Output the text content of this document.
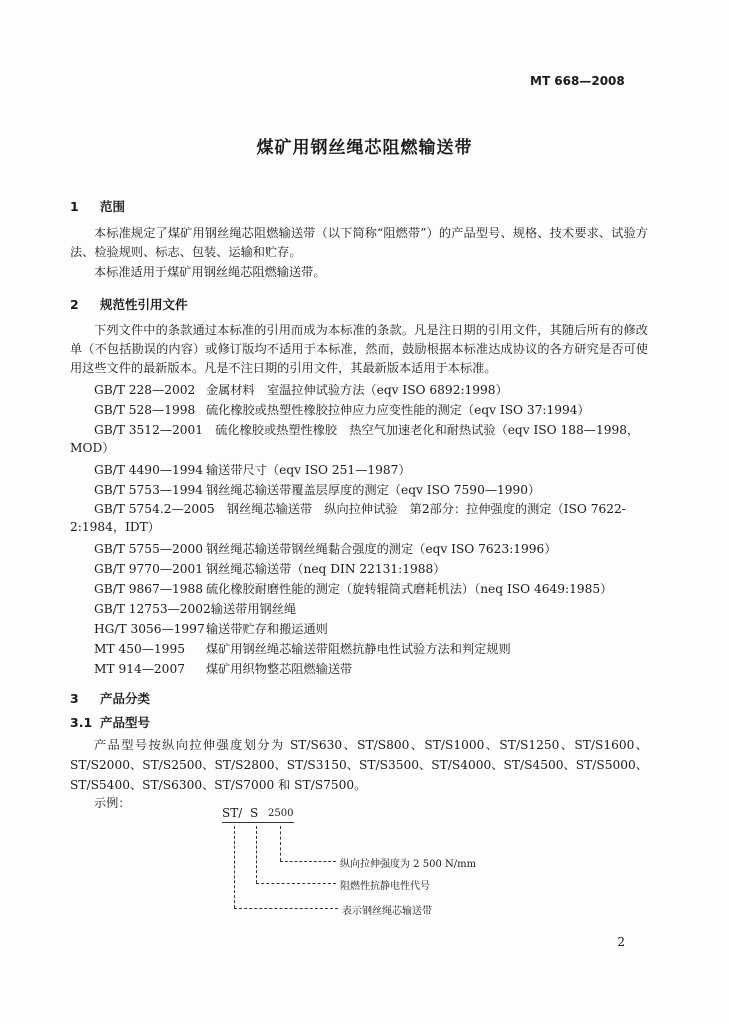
MT 668—2008
煤矿用钢丝绳芯阻燃输送带
1 范围
本标准规定了煤矿用钢丝绳芯阻燃输送带（以下简称“阻燃带”）的产品型号、规格、技术要求、试验方法、检验规则、标志、包装、运输和贮存。
本标准适用于煤矿用钢丝绳芯阻燃输送带。
2 规范性引用文件
下列文件中的条款通过本标准的引用而成为本标准的条款。凡是注日期的引用文件，其随后所有的修改单（不包括勘误的内容）或修订版均不适用于本标准，然而，鼓励根据本标准达成协议的各方研究是否可使用这些文件的最新版本。凡是不注日期的引用文件，其最新版本适用于本标准。
GB/T 228—2002 金属材料　室温拉伸试验方法（eqv ISO 6892:1998）
GB/T 528—1998 硫化橡胶或热塑性橡胶拉伸应力应变性能的测定（eqv ISO 37:1994）
GB/T 3512—2001　 硫化橡胶或热塑性橡胶　热空气加速老化和耐热试验（eqv ISO 188—1998，MOD）
GB/T 4490—1994 输送带尺寸（eqv ISO 251—1987）
GB/T 5753—1994 钢丝绳芯输送带覆盖层厚度的测定（eqv ISO 7590—1990）
GB/T 5754.2—2005　 钢丝绳芯输送带　纵向拉伸试验　第2部分：拉伸强度的测定（ISO 7622-2:1984，IDT）
GB/T 5755—2000 钢丝绳芯输送带钢丝绳黏合强度的测定（eqv ISO 7623:1996）
GB/T 9770—2001 钢丝绳芯输送带（neq DIN 22131:1988）
GB/T 9867—1988 硫化橡胶耐磨性能的测定（旋转辊筒式磨耗机法）（neq ISO 4649:1985）
GB/T 12753—2002输送带用钢丝绳
HG/T 3056—1997输送带贮存和搬运通则
MT 450—1995 煤矿用钢丝绳芯输送带阻燃抗静电性试验方法和判定规则
MT 914—2007 煤矿用织物整芯阻燃输送带
3 产品分类
3.1 产品型号
产品型号按纵向拉伸强度划分为 ST/S630、ST/S800、ST/S1000、ST/S1250、ST/S1600、ST/S2000、ST/S2500、ST/S2800、ST/S3150、ST/S3500、ST/S4000、ST/S4500、ST/S5000、ST/S5400、ST/S6300、ST/S7000 和 ST/S7500。
示例：
ST/ S 2500
纵向拉伸强度为 2 500 N/mm
阻燃性抗静电性代号
表示钢丝绳芯输送带
2
